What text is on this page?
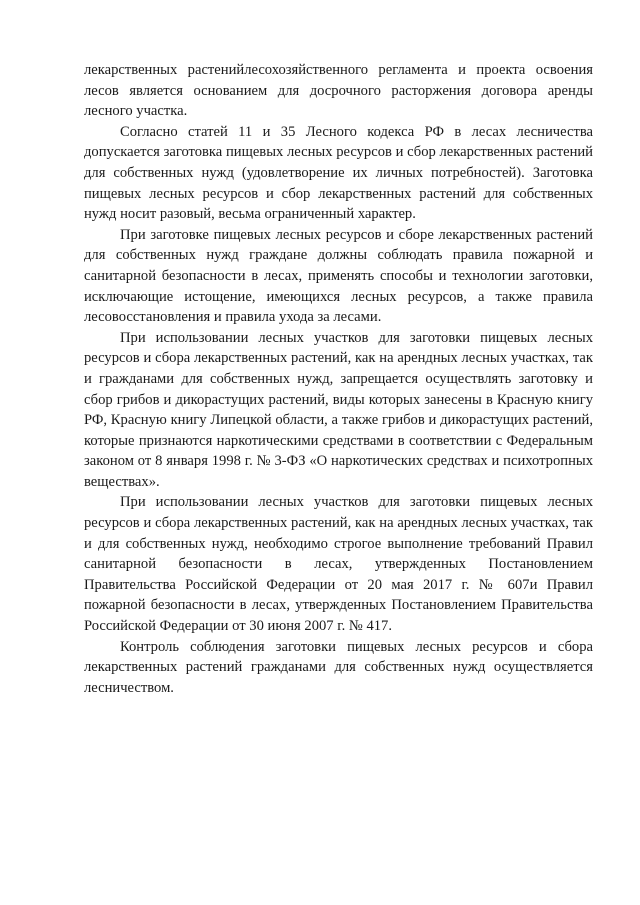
лекарственных растенийлесохозяйственного регламента и проекта освоения лесов является основанием для досрочного расторжения договора аренды лесного участка.

Согласно статей 11 и 35 Лесного кодекса РФ в лесах лесничества допускается заготовка пищевых лесных ресурсов и сбор лекарственных растений для собственных нужд (удовлетворение их личных потребностей). Заготовка пищевых лесных ресурсов и сбор лекарственных растений для собственных нужд носит разовый, весьма ограниченный характер.

При заготовке пищевых лесных ресурсов и сборе лекарственных растений для собственных нужд граждане должны соблюдать правила пожарной и санитарной безопасности в лесах, применять способы и технологии заготовки, исключающие истощение, имеющихся лесных ресурсов, а также правила лесовосстановления и правила ухода за лесами.

При использовании лесных участков для заготовки пищевых лесных ресурсов и сбора лекарственных растений, как на арендных лесных участках, так и гражданами для собственных нужд, запрещается осуществлять заготовку и сбор грибов и дикорастущих растений, виды которых занесены в Красную книгу РФ, Красную книгу Липецкой области, а также грибов и дикорастущих растений, которые признаются наркотическими средствами в соответствии с Федеральным законом от 8 января 1998 г. № 3-ФЗ «О наркотических средствах и психотропных веществах».

При использовании лесных участков для заготовки пищевых лесных ресурсов и сбора лекарственных растений, как на арендных лесных участках, так и для собственных нужд, необходимо строгое выполнение требований Правил санитарной безопасности в лесах, утвержденных Постановлением Правительства Российской Федерации от 20 мая 2017 г. № 607и Правил пожарной безопасности в лесах, утвержденных Постановлением Правительства Российской Федерации от 30 июня 2007 г. № 417.

Контроль соблюдения заготовки пищевых лесных ресурсов и сбора лекарственных растений гражданами для собственных нужд осуществляется лесничеством.
